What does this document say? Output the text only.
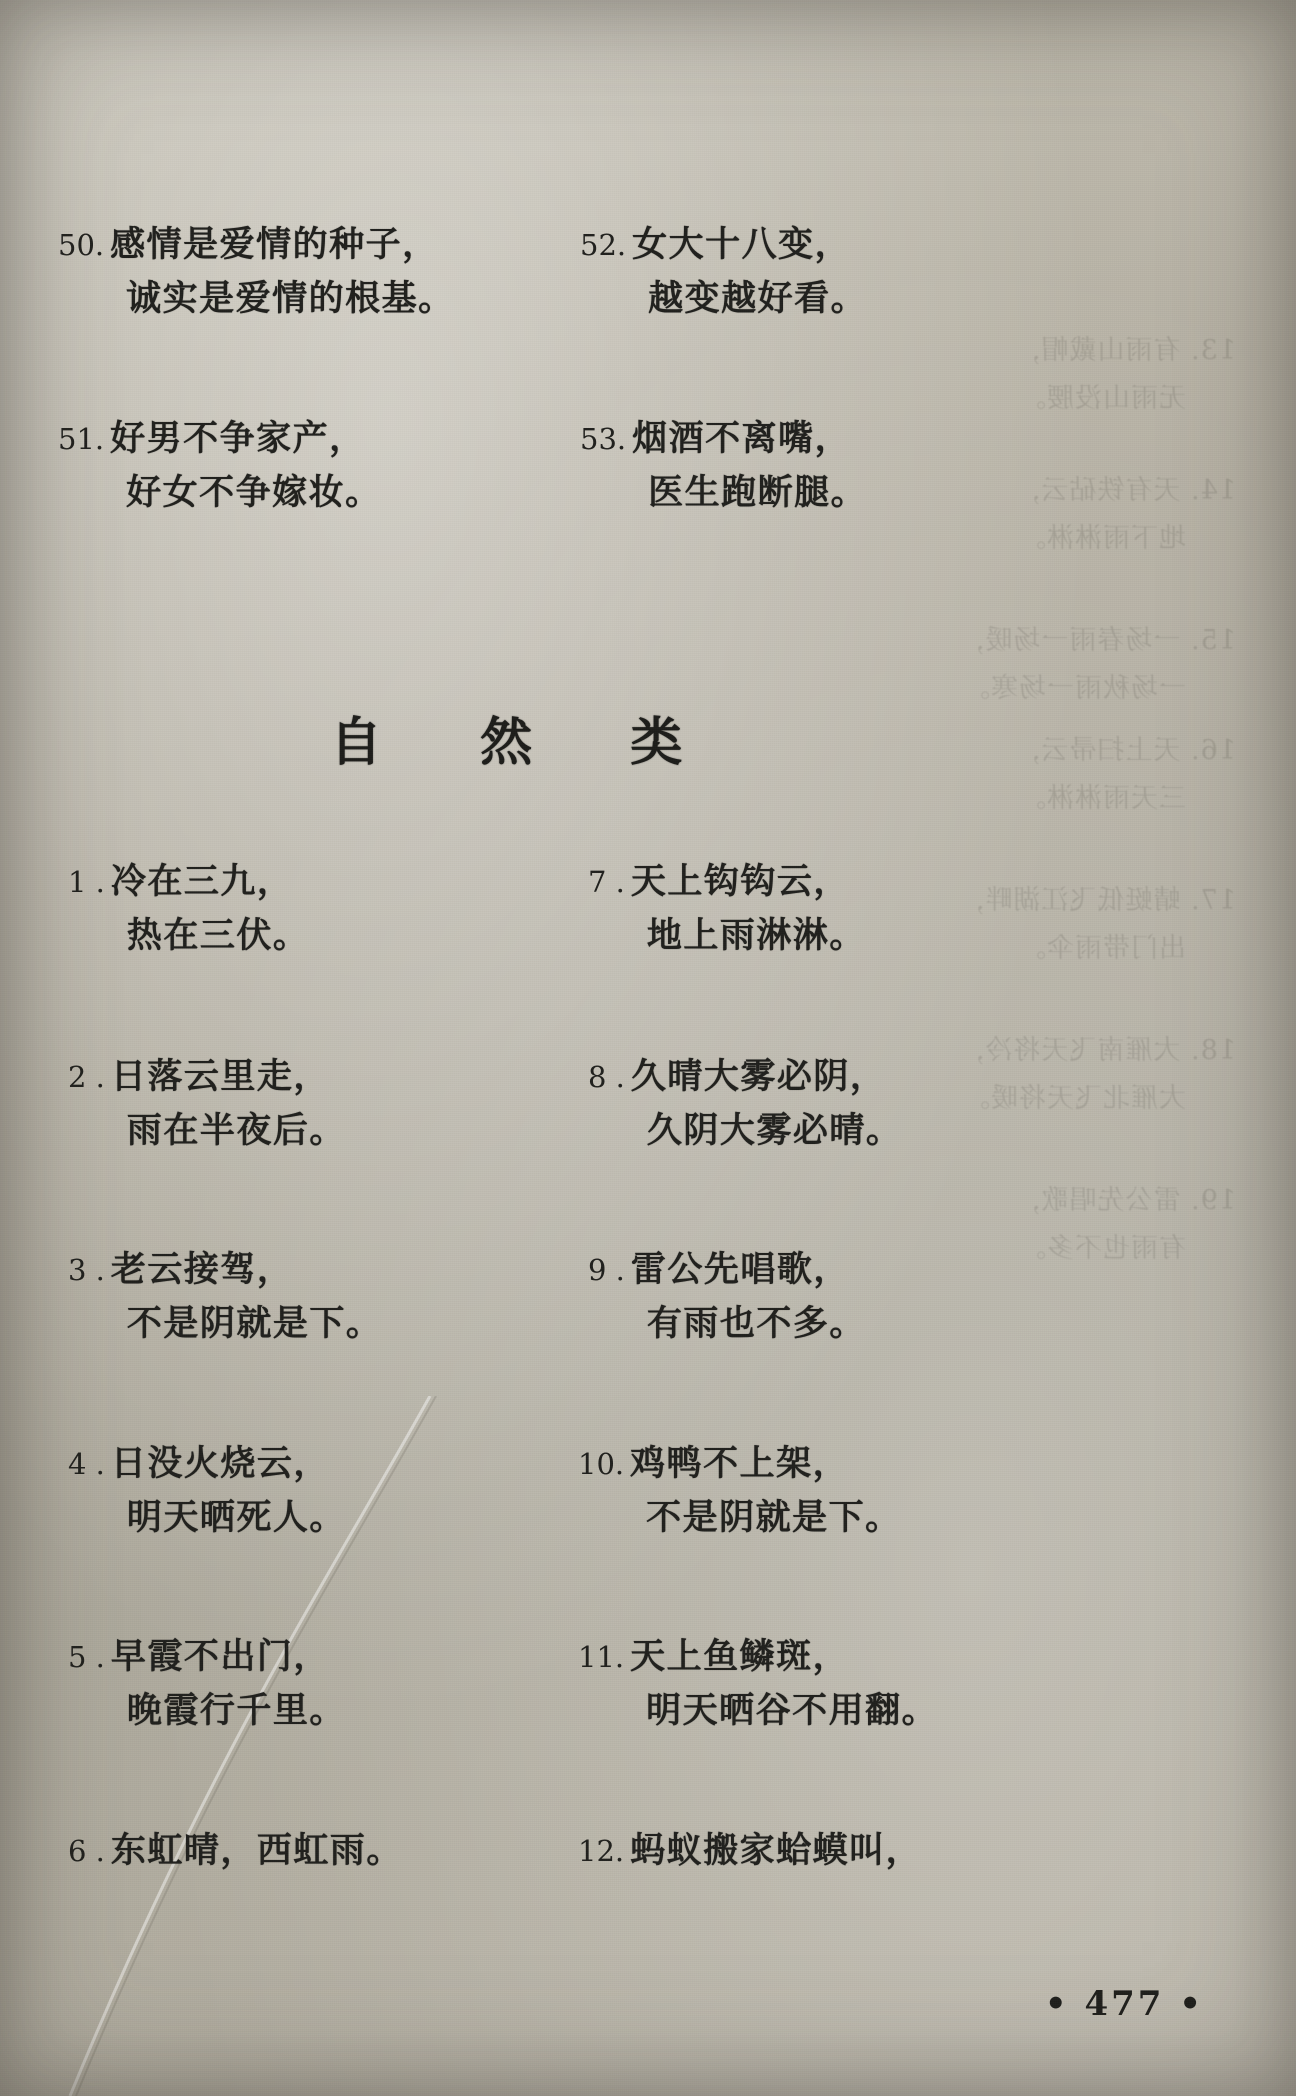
13. 有雨山戴帽，
无雨山没腰。
14. 天有铁砧云，
地下雨淋淋。
15. 一场春雨一场暖，
一场秋雨一场寒。
16. 天上扫帚云，
三天雨淋淋。
17. 蜻蜓低飞江湖畔，
出门带雨伞。
18. 大雁南飞天将冷，
大雁北飞天将暖。
19. 雷公先唱歌，
有雨也不多。
50. 感情是爱情的种子，
诚实是爱情的根基。
51. 好男不争家产，
好女不争嫁妆。
52. 女大十八变，
越变越好看。
53. 烟酒不离嘴，
医生跑断腿。
自 然 类
1 . 冷在三九，
热在三伏。
2 . 日落云里走，
雨在半夜后。
3 . 老云接驾，
不是阴就是下。
4 . 日没火烧云，
明天晒死人。
5 . 早霞不出门，
晚霞行千里。
6 . 东虹晴，西虹雨。
7 . 天上钩钩云，
地上雨淋淋。
8 . 久晴大雾必阴，
久阴大雾必晴。
9 . 雷公先唱歌，
有雨也不多。
10. 鸡鸭不上架，
不是阴就是下。
11. 天上鱼鳞斑，
明天晒谷不用翻。
12. 蚂蚁搬家蛤蟆叫，
• 477 •
